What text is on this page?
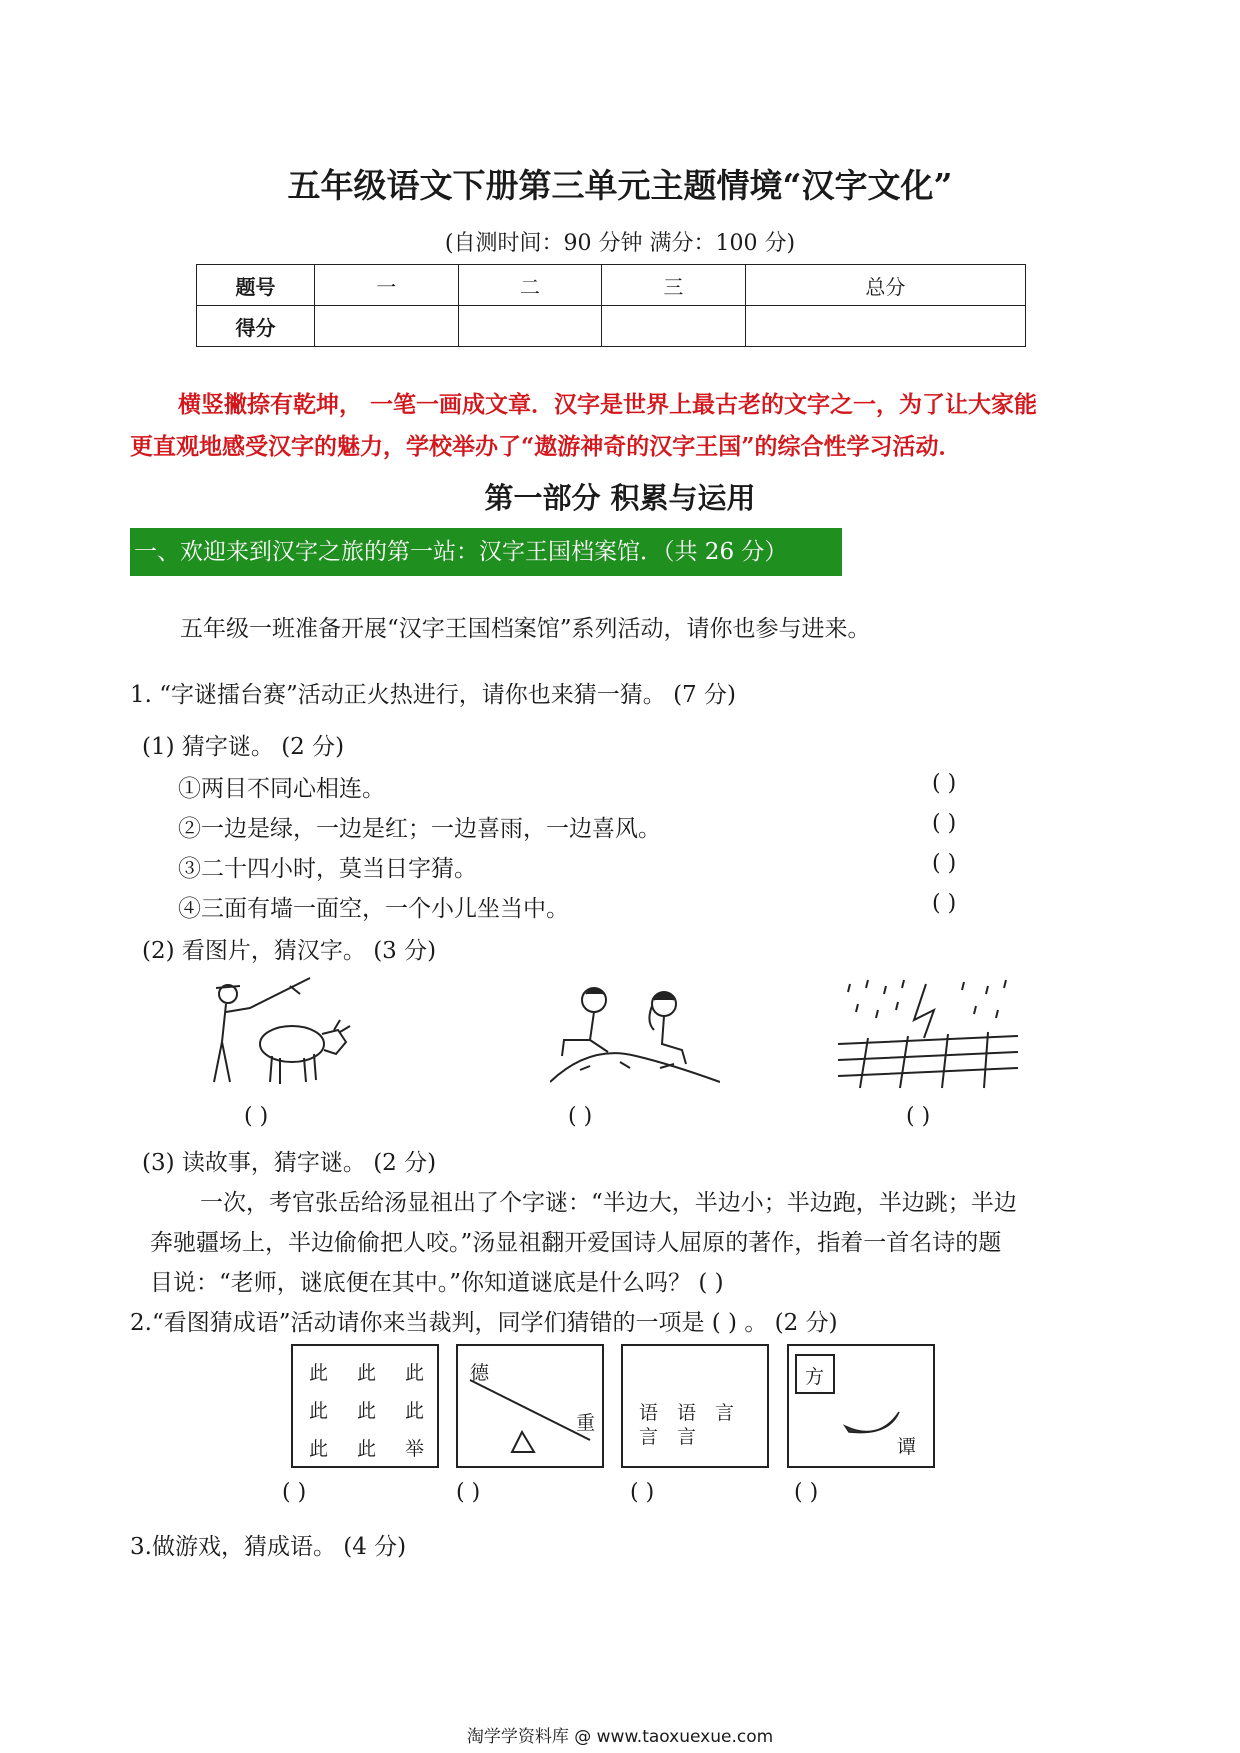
五年级语文下册第三单元主题情境“汉字文化”
(自测时间：90 分钟 满分：100 分)
题号	一	二	三	总分
得分				
横竖撇捺有乾坤， 一笔一画成文章．汉字是世界上最古老的文字之一，为了让大家能
更直观地感受汉字的魅力，学校举办了“遨游神奇的汉字王国”的综合性学习活动．
第一部分 积累与运用
一、欢迎来到汉字之旅的第一站：汉字王国档案馆．（共 26 分）
五年级一班准备开展“汉字王国档案馆”系列活动，请你也参与进来。
1. “字谜擂台赛”活动正火热进行，请你也来猜一猜。 (7 分)
(1) 猜字谜。 (2 分)
①两目不同心相连。
②一边是绿，一边是红；一边喜雨，一边喜风。
③二十四小时，莫当日字猜。
④三面有墙一面空，一个小儿坐当中。
( )
( )
( )
( )
(2) 看图片，猜汉字。 (3 分)
( )	( )	( )
(3) 读故事，猜字谜。 (2 分)
一次，考官张岳给汤显祖出了个字谜：“半边大，半边小；半边跑，半边跳；半边
奔驰疆场上，半边偷偷把人咬。”汤显祖翻开爱国诗人屈原的著作，指着一首名诗的题
目说：“老师，谜底便在其中。”你知道谜底是什么吗？ ( )
2.“看图猜成语”活动请你来当裁判，同学们猜错的一项是 ( ) 。 (2 分)
此 此 此
此 此 此
此 此 举
德
重 语 语 言
言 言
方
谭
( )	( )	( )	( )
3.做游戏，猜成语。 (4 分)
淘学学资料库 @ www.taoxuexue.com
